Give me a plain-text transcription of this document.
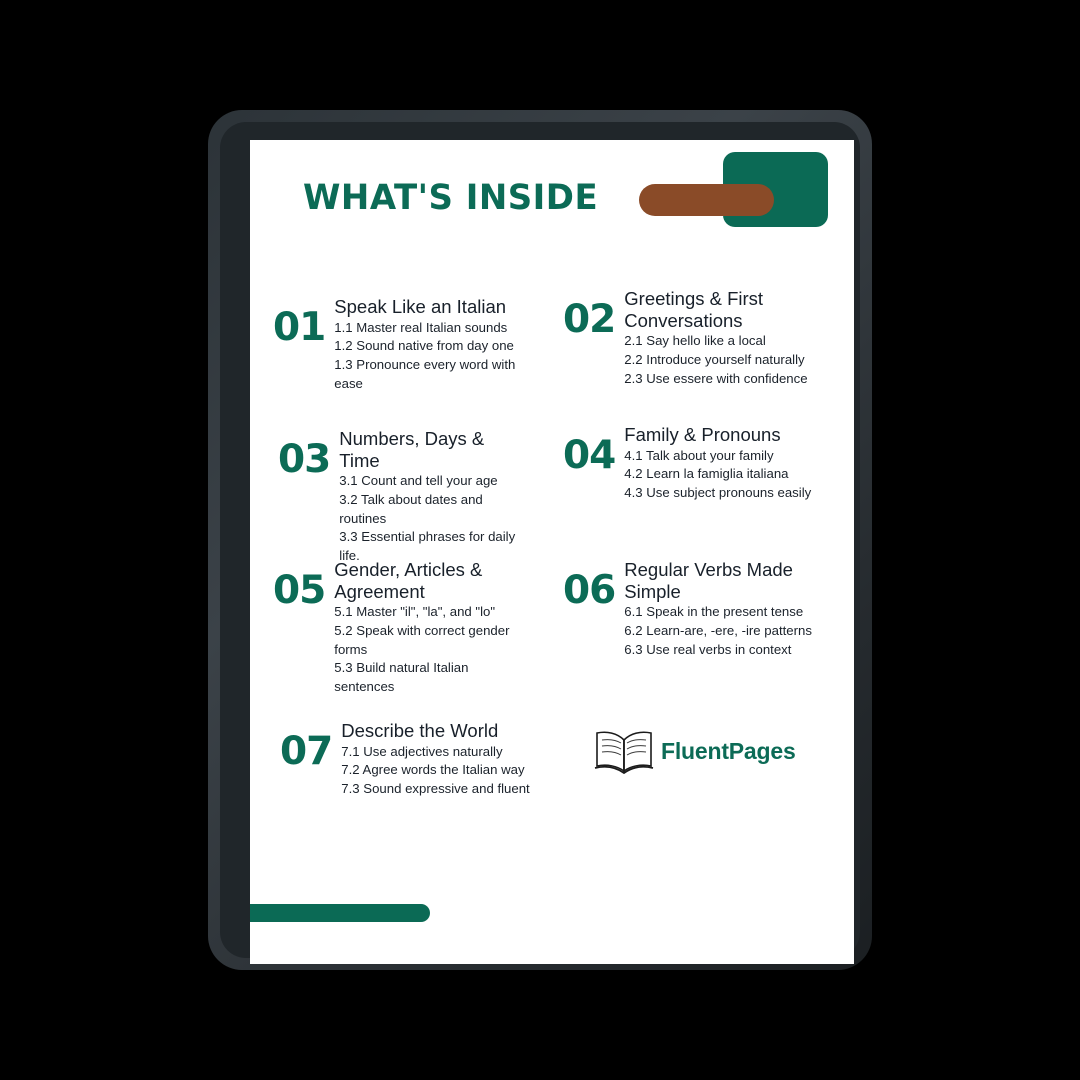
WHAT'S INSIDE
01 Speak Like an Italian

1.1 Master real Italian sounds

1.2 Sound native from day one

1.3 Pronounce every word with ease

02 Greetings & First Conversations

2.1 Say hello like a local

2.2 Introduce yourself naturally

2.3 Use essere with confidence

03 Numbers, Days & Time

3.1 Count and tell your age

3.2 Talk about dates and routines

3.3 Essential phrases for daily life.

04 Family & Pronouns

4.1 Talk about your family

4.2 Learn la famiglia italiana

4.3 Use subject pronouns easily

05 Gender, Articles & Agreement

5.1 Master "il", "la", and "lo"

5.2 Speak with correct gender forms

5.3 Build natural Italian sentences

06 Regular Verbs Made Simple

6.1 Speak in the present tense

6.2 Learn-are, -ere, -ire patterns

6.3 Use real verbs in context

07 Describe the World

7.1 Use adjectives naturally

7.2 Agree words the Italian way

7.3 Sound expressive and fluent

FluentPages
